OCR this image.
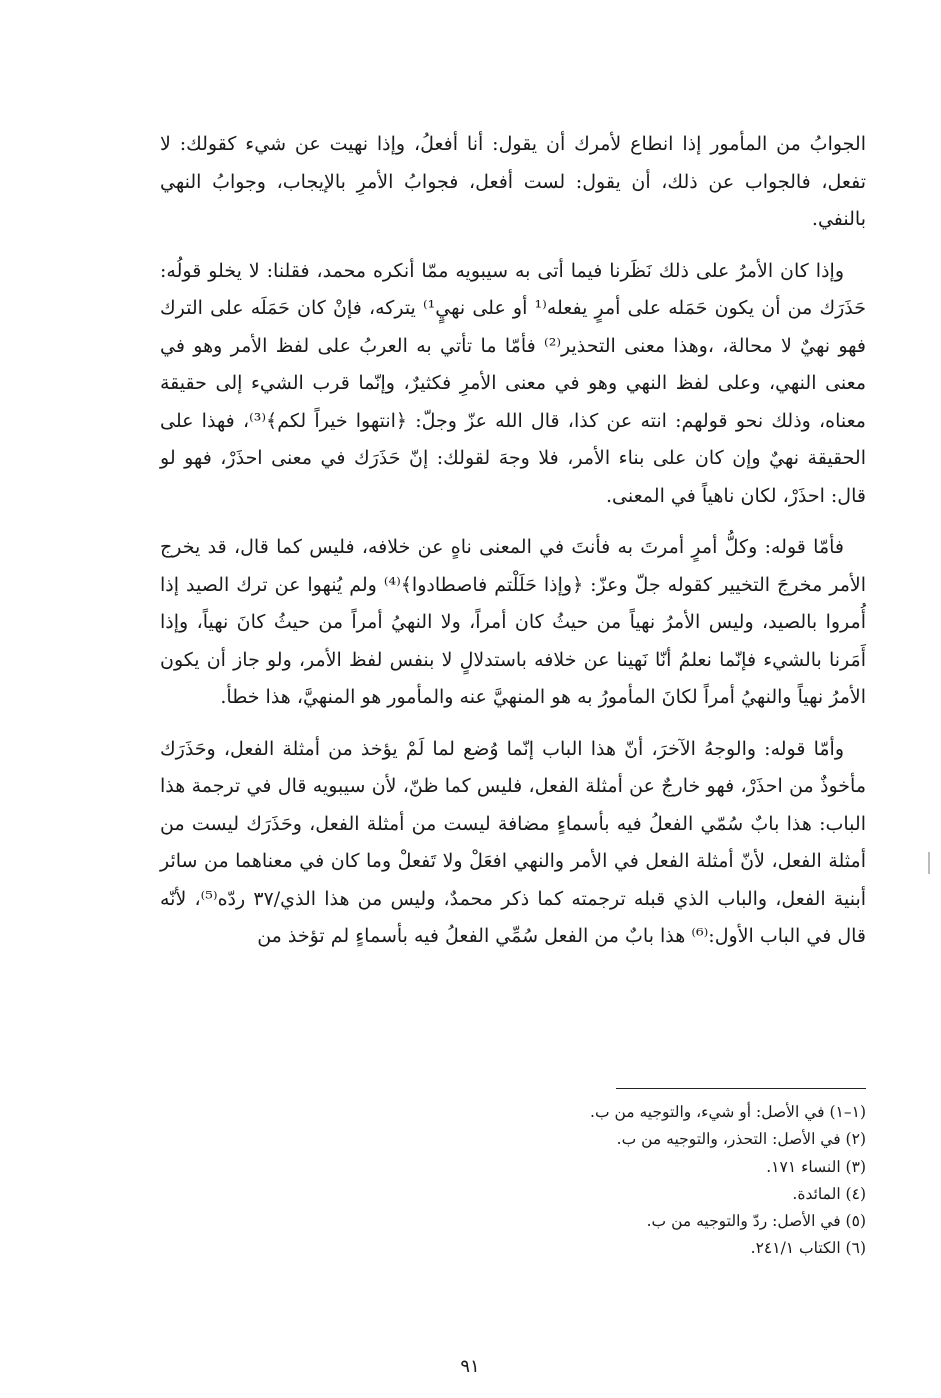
الجوابُ من المأمور إذا انطاع لأمرك أن يقول: أنا أفعلُ، وإذا نهيت عن شيء كقولك: لا تفعل، فالجواب عن ذلك، أن يقول: لست أفعل، فجوابُ الأمرِ بالإيجاب، وجوابُ النهي بالنفي.

وإذا كان الأمرُ على ذلك نَظَرنا فيما أتى به سيبويه ممّا أنكره محمد، فقلنا: لا يخلو قولُه: حَذَرَك من أن يكون حَمَله على أمرٍ يفعله⁽¹ أو على نهيٍ¹⁾ يتركه، فإنْ كان حَمَلَه على الترك فهو نهيٌ لا محالة، ،وهذا معنى التحذير⁽²⁾ فأمّا ما تأتي به العربُ على لفظ الأمر وهو في معنى النهي، وعلى لفظ النهي وهو في معنى الأمرِ فكثيرٌ، وإنّما قرب الشيء إلى حقيقة معناه، وذلك نحو قولهم: انته عن كذا، قال الله عزّ وجلّ: ﴿انتهوا خيراً لكم﴾⁽³⁾، فهذا على الحقيقة نهيٌ وإن كان على بناء الأمر، فلا وجهَ لقولك: إنّ حَذَرَك في معنى احذَرْ، فهو لو قال: احذَرْ، لكان ناهياً في المعنى.

فأمّا قوله: وكلُّ أمرٍ أمرتَ به فأنتَ في المعنى ناهٍ عن خلافه، فليس كما قال، قد يخرج الأمر مخرجَ التخيير كقوله جلّ وعزّ: ﴿وإذا حَلَلْتم فاصطادوا﴾⁽⁴⁾ ولم يُنهوا عن ترك الصيد إذا أُمروا بالصيد، وليس الأمرُ نهياً من حيثُ كان أمراً، ولا النهيُ أمراً من حيثُ كانَ نهياً، وإذا أَمَرنا بالشيء فإنّما نعلمُ أنّا نَهينا عن خلافه باستدلالٍ لا بنفس لفظ الأمر، ولو جاز أن يكون الأمرُ نهياً والنهيُ أمراً لكانَ المأمورُ به هو المنهيَّ عنه والمأمور هو المنهيَّ، هذا خطأ.

وأمّا قوله: والوجهُ الآخرَ، أنّ هذا الباب إنّما وُضع لما لَمْ يؤخذ من أمثلة الفعل، وحَذَرَك مأخوذٌ من احذَرْ، فهو خارجٌ عن أمثلة الفعل، فليس كما ظنّ، لأن سيبويه قال في ترجمة هذا الباب: هذا بابٌ سُمّي الفعلُ فيه بأسماءٍ مضافة ليست من أمثلة الفعل، وحَذَرَك ليست من أمثلة الفعل، لأنّ أمثلة الفعل في الأمر والنهي افعَلْ ولا تَفعلْ وما كان في معناهما من سائر أبنية الفعل، والباب الذي قبله ترجمته كما ذكر محمدٌ، وليس من هذا الذي/٣٧ ردّه⁽⁵⁾، لأنّه قال في الباب الأول:⁽⁶⁾ هذا بابٌ من الفعل سُمِّي الفعلُ فيه بأسماءٍ لم تؤخذ من

(١–١) في الأصل: أو شيء، والتوجيه من ب.

(٢) في الأصل: التحذر، والتوجيه من ب.

(٣) النساء ١٧١.

(٤) المائدة.

(٥) في الأصل: ردّ والتوجيه من ب.

(٦) الكتاب ٢٤١/١.

٩١
